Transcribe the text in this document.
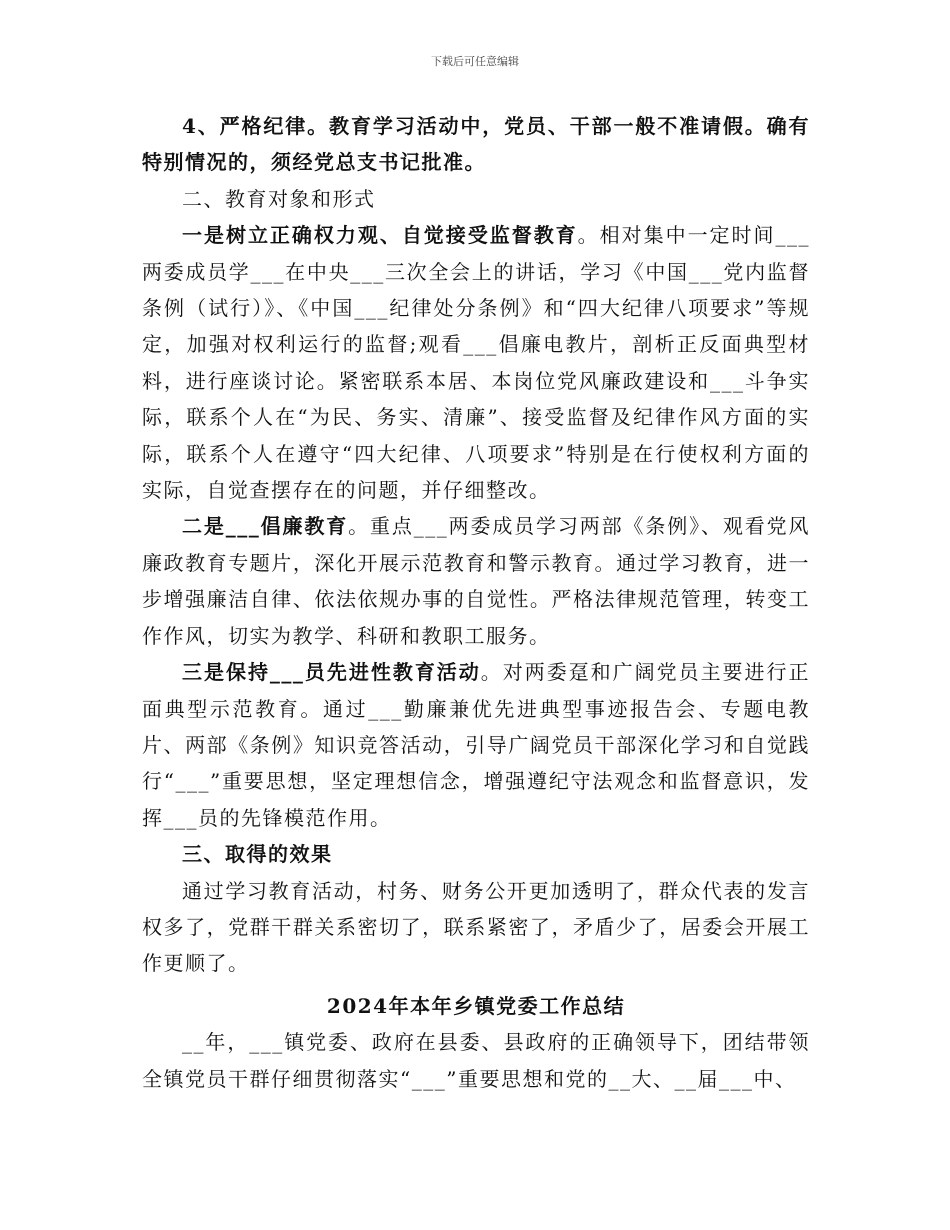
下载后可任意编辑

4、严格纪律。教育学习活动中，党员、干部一般不准请假。确有特别情况的，须经党总支书记批准。

二、教育对象和形式

一是树立正确权力观、自觉接受监督教育。相对集中一定时间___两委成员学___在中央___三次全会上的讲话，学习《中国___党内监督条例（试行）》、《中国___纪律处分条例》和“四大纪律八项要求”等规定，加强对权利运行的监督;观看___倡廉电教片，剖析正反面典型材料，进行座谈讨论。紧密联系本居、本岗位党风廉政建设和___斗争实际，联系个人在“为民、务实、清廉”、接受监督及纪律作风方面的实际，联系个人在遵守“四大纪律、八项要求”特别是在行使权利方面的实际，自觉查摆存在的问题，并仔细整改。

二是___倡廉教育。重点___两委成员学习两部《条例》、观看党风廉政教育专题片，深化开展示范教育和警示教育。通过学习教育，进一步增强廉洁自律、依法依规办事的自觉性。严格法律规范管理，转变工作作风，切实为教学、科研和教职工服务。

三是保持___员先进性教育活动。对两委趸和广阔党员主要进行正面典型示范教育。通过___勤廉兼优先进典型事迹报告会、专题电教片、两部《条例》知识竞答活动，引导广阔党员干部深化学习和自觉践行“___”重要思想，坚定理想信念，增强遵纪守法观念和监督意识，发挥___员的先锋模范作用。

三、取得的效果

通过学习教育活动，村务、财务公开更加透明了，群众代表的发言权多了，党群干群关系密切了，联系紧密了，矛盾少了，居委会开展工作更顺了。

2024年本年乡镇党委工作总结

__年，___镇党委、政府在县委、县政府的正确领导下，团结带领全镇党员干群仔细贯彻落实“___”重要思想和党的__大、__届___中、
